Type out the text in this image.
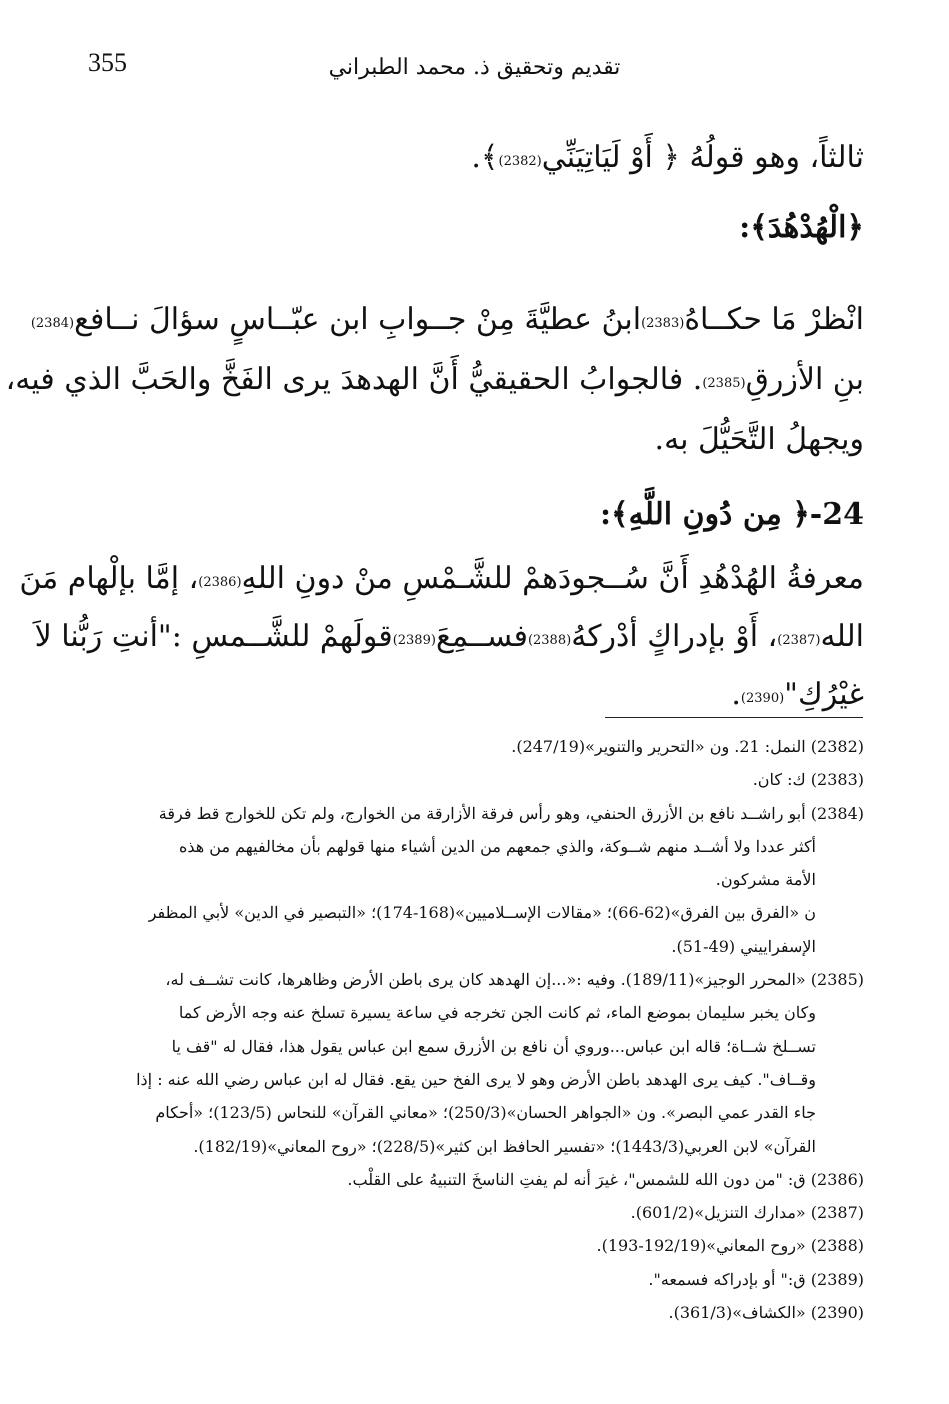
355	تقديم وتحقيق ذ. محمد الطبراني
ثالثاً، وهو قولُهُ ﴿ أَوْ لَيَاتِيَنِّي
$^{(2382)}$
﴾.
﴿الْهُدْهُدَ﴾:
انْظرْ مَا حكــاهُ
$^{(2383)}$
ابنُ عطيَّةَ مِنْ جــوابِ ابن عبّــاسٍ سؤالَ نــافع
$^{(2384)}$
بنِ الأزرقِ
$^{(2385)}$
. فالجوابُ الحقيقيُّ أَنَّ الهدهدَ يرى الفَخَّ والحَبَّ الذي فيه،
ويجهلُ التَّحَيُّلَ به.
24-﴿ مِن دُونِ اللَّهِ﴾:
معرفةُ الهُدْهُدِ أَنَّ سُــجودَهمْ للشَّـمْسِ منْ دونِ اللهِ
$^{(2386)}$
، إمَّا بإلْهام مَنَ
الله
$^{(2387)}$
، أَوْ بإدراكٍ أدْركهُ
$^{(2388)}$
فســمِعَ
$^{(2389)}$
قولَهمْ للشَّــمسِ :"أنتِ رَبُّنا لاَ
غيْرُكِ"
$^{(2390)}$
.
(2382) النمل: 21. ون «التحرير والتنوير»(247/19).
(2383) ك: كان.
(2384) أبو راشــد نافع بن الأزرق الحنفي، وهو رأس فرقة الأزارقة من الخوارج، ولم تكن للخوارج قط فرقة
أكثر عددا ولا أشــد منهم شــوكة، والذي جمعهم من الدين أشياء منها قولهم بأن مخالفيهم من هذه
الأمة مشركون.
ن «الفرق بين الفرق»(62-66)؛ «مقالات الإســلاميين»(168-174)؛ «التبصير في الدين» لأبي المظفر
الإسفراييني (49-51).
(2385) «المحرر الوجيز»(189/11). وفيه :«...إن الهدهد كان يرى باطن الأرض وظاهرها، كانت تشــف له،
وكان يخبر سليمان بموضع الماء، ثم كانت الجن تخرجه في ساعة يسيرة تسلخ عنه وجه الأرض كما
تســلخ شــاة؛ قاله ابن عباس...وروي أن نافع بن الأزرق سمع ابن عباس يقول هذا، فقال له "قف يا
وقــاف". كيف يرى الهدهد باطن الأرض وهو لا يرى الفخ حين يقع. فقال له ابن عباس رضي الله عنه : إذا
جاء القدر عمي البصر». ون «الجواهر الحسان»(250/3)؛ «معاني القرآن» للنحاس (123/5)؛ «أحكام
القرآن» لابن العربي(1443/3)؛ «تفسير الحافظ ابن كثير»(228/5)؛ «روح المعاني»(182/19).
(2386) ق: "من دون الله للشمس"، غيرَ أنه لم يفتِ الناسخَ التنبيهُ على القلْب.
(2387) «مدارك التنزيل»(601/2).
(2388) «روح المعاني»(192/19-193).
(2389) ق:" أو بإدراكه فسمعه".
(2390) «الكشاف»(361/3).
